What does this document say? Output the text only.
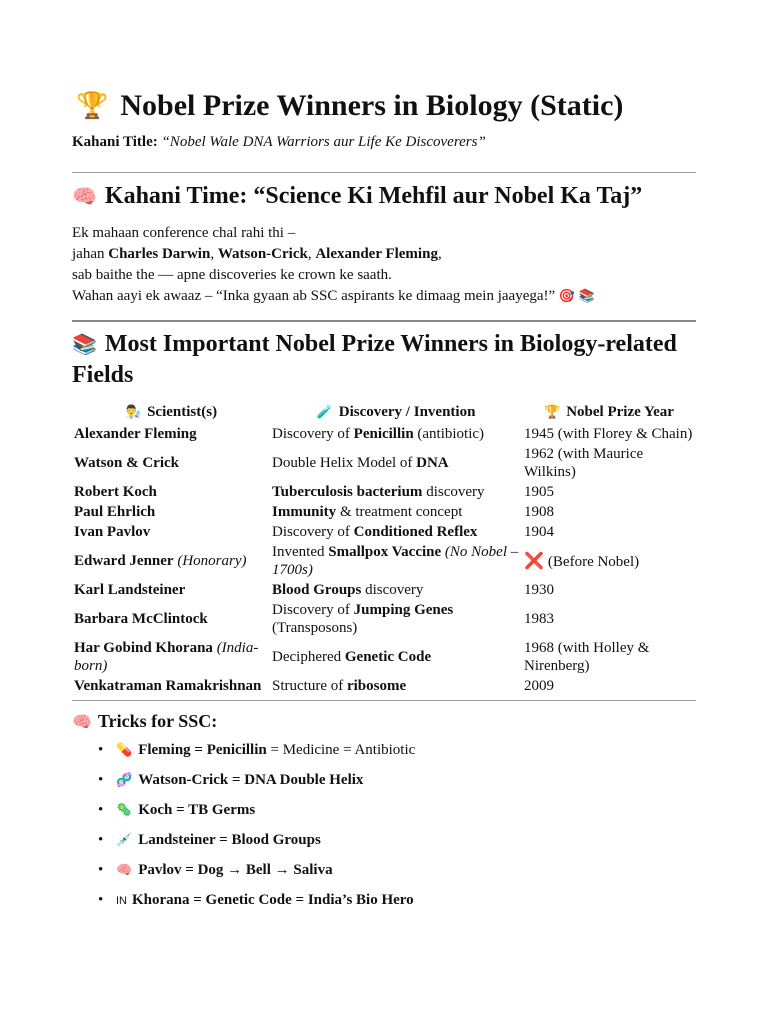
🏆 Nobel Prize Winners in Biology (Static)
Kahani Title: “Nobel Wale DNA Warriors aur Life Ke Discoverers”
🧠 Kahani Time: “Science Ki Mehfil aur Nobel Ka Taj”
Ek mahaan conference chal rahi thi –
jahan Charles Darwin, Watson-Crick, Alexander Fleming,
sab baithe the — apne discoveries ke crown ke saath.
Wahan aayi ek awaaz – “Inka gyaan ab SSC aspirants ke dimaag mein jaayega!” 🎯 📚
📚 Most Important Nobel Prize Winners in Biology-related Fields
👨‍🔬 Scientist(s)	🧪 Discovery / Invention	🏆 Nobel Prize Year
Alexander Fleming	Discovery of Penicillin (antibiotic)	1945 (with Florey & Chain)
Watson & Crick	Double Helix Model of DNA	1962 (with Maurice Wilkins)
Robert Koch	Tuberculosis bacterium discovery	1905
Paul Ehrlich	Immunity & treatment concept	1908
Ivan Pavlov	Discovery of Conditioned Reflex	1904
Edward Jenner (Honorary)	Invented Smallpox Vaccine (No Nobel – 1700s)	❌ (Before Nobel)
Karl Landsteiner	Blood Groups discovery	1930
Barbara McClintock	Discovery of Jumping Genes (Transposons)	1983
Har Gobind Khorana (India-born)	Deciphered Genetic Code	1968 (with Holley & Nirenberg)
Venkatraman Ramakrishnan	Structure of ribosome	2009
🧠 Tricks for SSC:
• 💊 Fleming = Penicillin = Medicine = Antibiotic
• 🧬 Watson-Crick = DNA Double Helix
• 🦠 Koch = TB Germs
• 💉 Landsteiner = Blood Groups
• 🧠 Pavlov = Dog → Bell → Saliva
• IN Khorana = Genetic Code = India’s Bio Hero
